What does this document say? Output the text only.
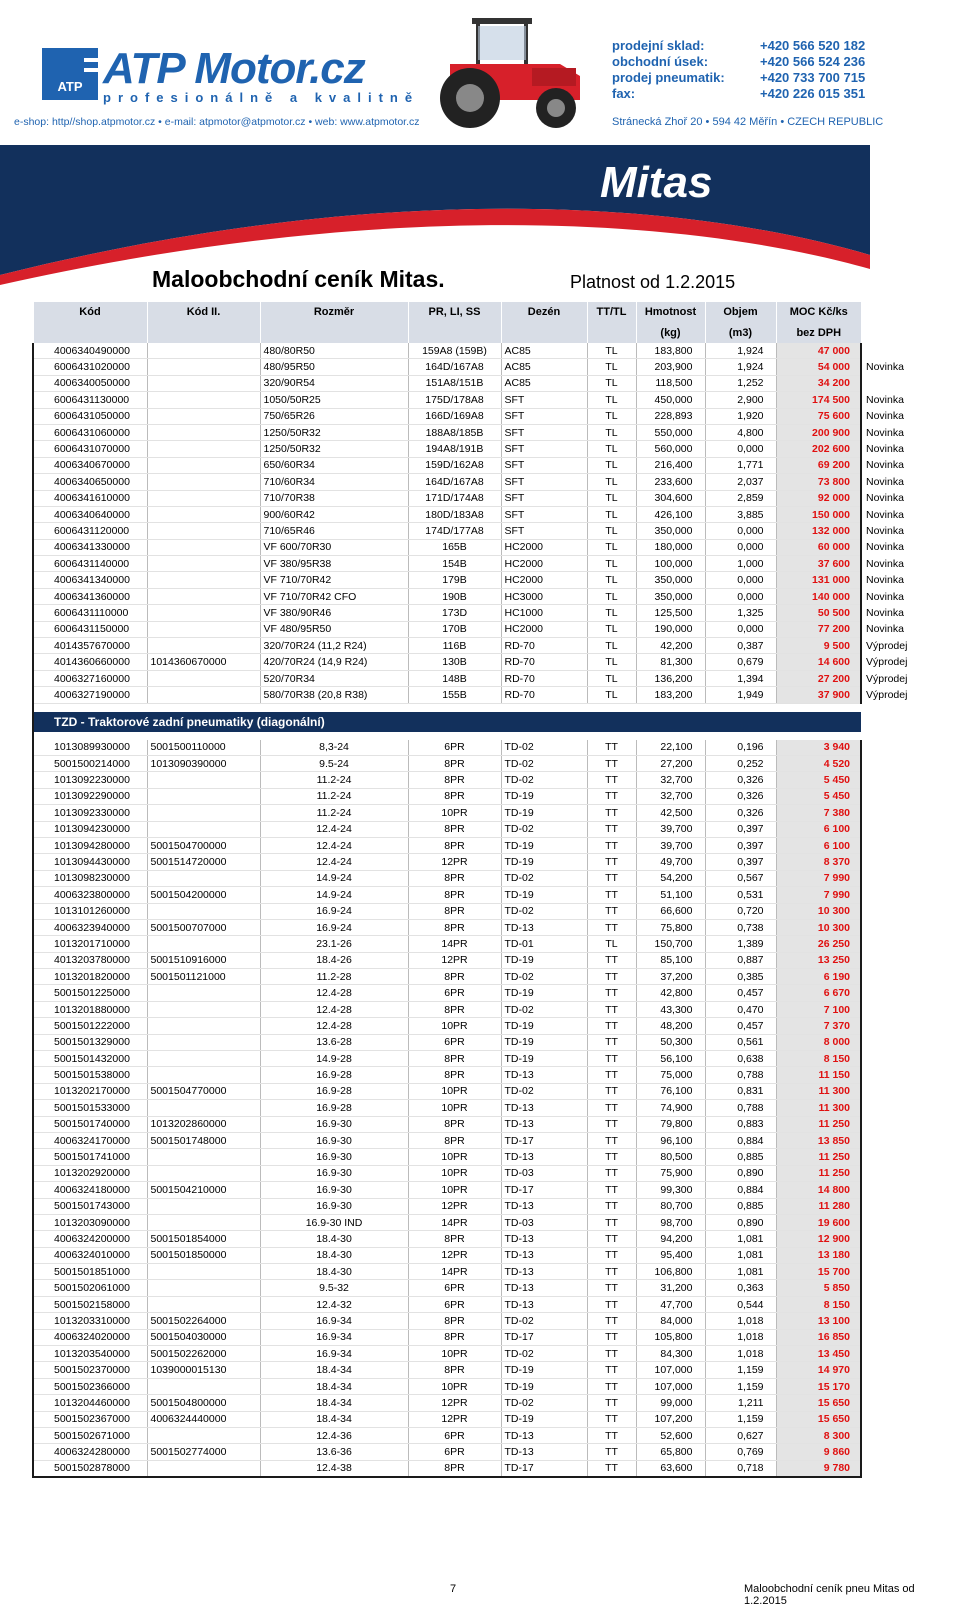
ATP ATP Motor.cz
profesionálně a kvalitně
e-shop: http//shop.atpmotor.cz • e-mail: atpmotor@atpmotor.cz • web: www.atpmotor.cz
prodejní sklad:	+420 566 520 182
obchodní úsek:	+420 566 524 236
prodej pneumatik:	+420 733 700 715
fax:	+420 226 015 351
Stránecká Zhoř 20 • 594 42 Měřín • CZECH REPUBLIC
Mitas
Maloobchodní ceník Mitas.	Platnost od 1.2.2015
Kód	Kód II.	Rozměr	PR, LI, SS	Dezén	TT/TL	Hmotnost	Objem	MOC Kč/ks	
						(kg)	(m3)	bez DPH	
4006340490000		480/80R50	159A8 (159B)	AC85	TL	183,800	1,924	47 000	
6006431020000		480/95R50	164D/167A8	AC85	TL	203,900	1,924	54 000	Novinka
4006340050000		320/90R54	151A8/151B	AC85	TL	118,500	1,252	34 200	
6006431130000		1050/50R25	175D/178A8	SFT	TL	450,000	2,900	174 500	Novinka
6006431050000		750/65R26	166D/169A8	SFT	TL	228,893	1,920	75 600	Novinka
6006431060000		1250/50R32	188A8/185B	SFT	TL	550,000	4,800	200 900	Novinka
6006431070000		1250/50R32	194A8/191B	SFT	TL	560,000	0,000	202 600	Novinka
4006340670000		650/60R34	159D/162A8	SFT	TL	216,400	1,771	69 200	Novinka
4006340650000		710/60R34	164D/167A8	SFT	TL	233,600	2,037	73 800	Novinka
4006341610000		710/70R38	171D/174A8	SFT	TL	304,600	2,859	92 000	Novinka
4006340640000		900/60R42	180D/183A8	SFT	TL	426,100	3,885	150 000	Novinka
6006431120000		710/65R46	174D/177A8	SFT	TL	350,000	0,000	132 000	Novinka
4006341330000		VF 600/70R30	165B	HC2000	TL	180,000	0,000	60 000	Novinka
6006431140000		VF 380/95R38	154B	HC2000	TL	100,000	1,000	37 600	Novinka
4006341340000		VF 710/70R42	179B	HC2000	TL	350,000	0,000	131 000	Novinka
4006341360000		VF 710/70R42 CFO	190B	HC3000	TL	350,000	0,000	140 000	Novinka
6006431110000		VF 380/90R46	173D	HC1000	TL	125,500	1,325	50 500	Novinka
6006431150000		VF 480/95R50	170B	HC2000	TL	190,000	0,000	77 200	Novinka
4014357670000		320/70R24 (11,2 R24)	116B	RD-70	TL	42,200	0,387	9 500	Výprodej
4014360660000	1014360670000	420/70R24 (14,9 R24)	130B	RD-70	TL	81,300	0,679	14 600	Výprodej
4006327160000		520/70R34	148B	RD-70	TL	136,200	1,394	27 200	Výprodej
4006327190000		580/70R38 (20,8 R38)	155B	RD-70	TL	183,200	1,949	37 900	Výprodej

TZD - Traktorové zadní pneumatiky (diagonální)									

1013089930000	5001500110000	8,3-24	6PR	TD-02	TT	22,100	0,196	3 940	
5001500214000	1013090390000	9.5-24	8PR	TD-02	TT	27,200	0,252	4 520	
1013092230000		11.2-24	8PR	TD-02	TT	32,700	0,326	5 450	
1013092290000		11.2-24	8PR	TD-19	TT	32,700	0,326	5 450	
1013092330000		11.2-24	10PR	TD-19	TT	42,500	0,326	7 380	
1013094230000		12.4-24	8PR	TD-02	TT	39,700	0,397	6 100	
1013094280000	5001504700000	12.4-24	8PR	TD-19	TT	39,700	0,397	6 100	
1013094430000	5001514720000	12.4-24	12PR	TD-19	TT	49,700	0,397	8 370	
1013098230000		14.9-24	8PR	TD-02	TT	54,200	0,567	7 990	
4006323800000	5001504200000	14.9-24	8PR	TD-19	TT	51,100	0,531	7 990	
1013101260000		16.9-24	8PR	TD-02	TT	66,600	0,720	10 300	
4006323940000	5001500707000	16.9-24	8PR	TD-13	TT	75,800	0,738	10 300	
1013201710000		23.1-26	14PR	TD-01	TL	150,700	1,389	26 250	
4013203780000	5001510916000	18.4-26	12PR	TD-19	TT	85,100	0,887	13 250	
1013201820000	5001501121000	11.2-28	8PR	TD-02	TT	37,200	0,385	6 190	
5001501225000		12.4-28	6PR	TD-19	TT	42,800	0,457	6 670	
1013201880000		12.4-28	8PR	TD-02	TT	43,300	0,470	7 100	
5001501222000		12.4-28	10PR	TD-19	TT	48,200	0,457	7 370	
5001501329000		13.6-28	6PR	TD-19	TT	50,300	0,561	8 000	
5001501432000		14.9-28	8PR	TD-19	TT	56,100	0,638	8 150	
5001501538000		16.9-28	8PR	TD-13	TT	75,000	0,788	11 150	
1013202170000	5001504770000	16.9-28	10PR	TD-02	TT	76,100	0,831	11 300	
5001501533000		16.9-28	10PR	TD-13	TT	74,900	0,788	11 300	
5001501740000	1013202860000	16.9-30	8PR	TD-13	TT	79,800	0,883	11 250	
4006324170000	5001501748000	16.9-30	8PR	TD-17	TT	96,100	0,884	13 850	
5001501741000		16.9-30	10PR	TD-13	TT	80,500	0,885	11 250	
1013202920000		16.9-30	10PR	TD-03	TT	75,900	0,890	11 250	
4006324180000	5001504210000	16.9-30	10PR	TD-17	TT	99,300	0,884	14 800	
5001501743000		16.9-30	12PR	TD-13	TT	80,700	0,885	11 280	
1013203090000		16.9-30 IND	14PR	TD-03	TT	98,700	0,890	19 600	
4006324200000	5001501854000	18.4-30	8PR	TD-13	TT	94,200	1,081	12 900	
4006324010000	5001501850000	18.4-30	12PR	TD-13	TT	95,400	1,081	13 180	
5001501851000		18.4-30	14PR	TD-13	TT	106,800	1,081	15 700	
5001502061000		9.5-32	6PR	TD-13	TT	31,200	0,363	5 850	
5001502158000		12.4-32	6PR	TD-13	TT	47,700	0,544	8 150	
1013203310000	5001502264000	16.9-34	8PR	TD-02	TT	84,000	1,018	13 100	
4006324020000	5001504030000	16.9-34	8PR	TD-17	TT	105,800	1,018	16 850	
1013203540000	5001502262000	16.9-34	10PR	TD-02	TT	84,300	1,018	13 450	
5001502370000	1039000015130	18.4-34	8PR	TD-19	TT	107,000	1,159	14 970	
5001502366000		18.4-34	10PR	TD-19	TT	107,000	1,159	15 170	
1013204460000	5001504800000	18.4-34	12PR	TD-02	TT	99,000	1,211	15 650	
5001502367000	4006324440000	18.4-34	12PR	TD-19	TT	107,200	1,159	15 650	
5001502671000		12.4-36	6PR	TD-13	TT	52,600	0,627	8 300	
4006324280000	5001502774000	13.6-36	6PR	TD-13	TT	65,800	0,769	9 860	
5001502878000		12.4-38	8PR	TD-17	TT	63,600	0,718	9 780	
7	Maloobchodní ceník pneu Mitas od 1.2.2015
